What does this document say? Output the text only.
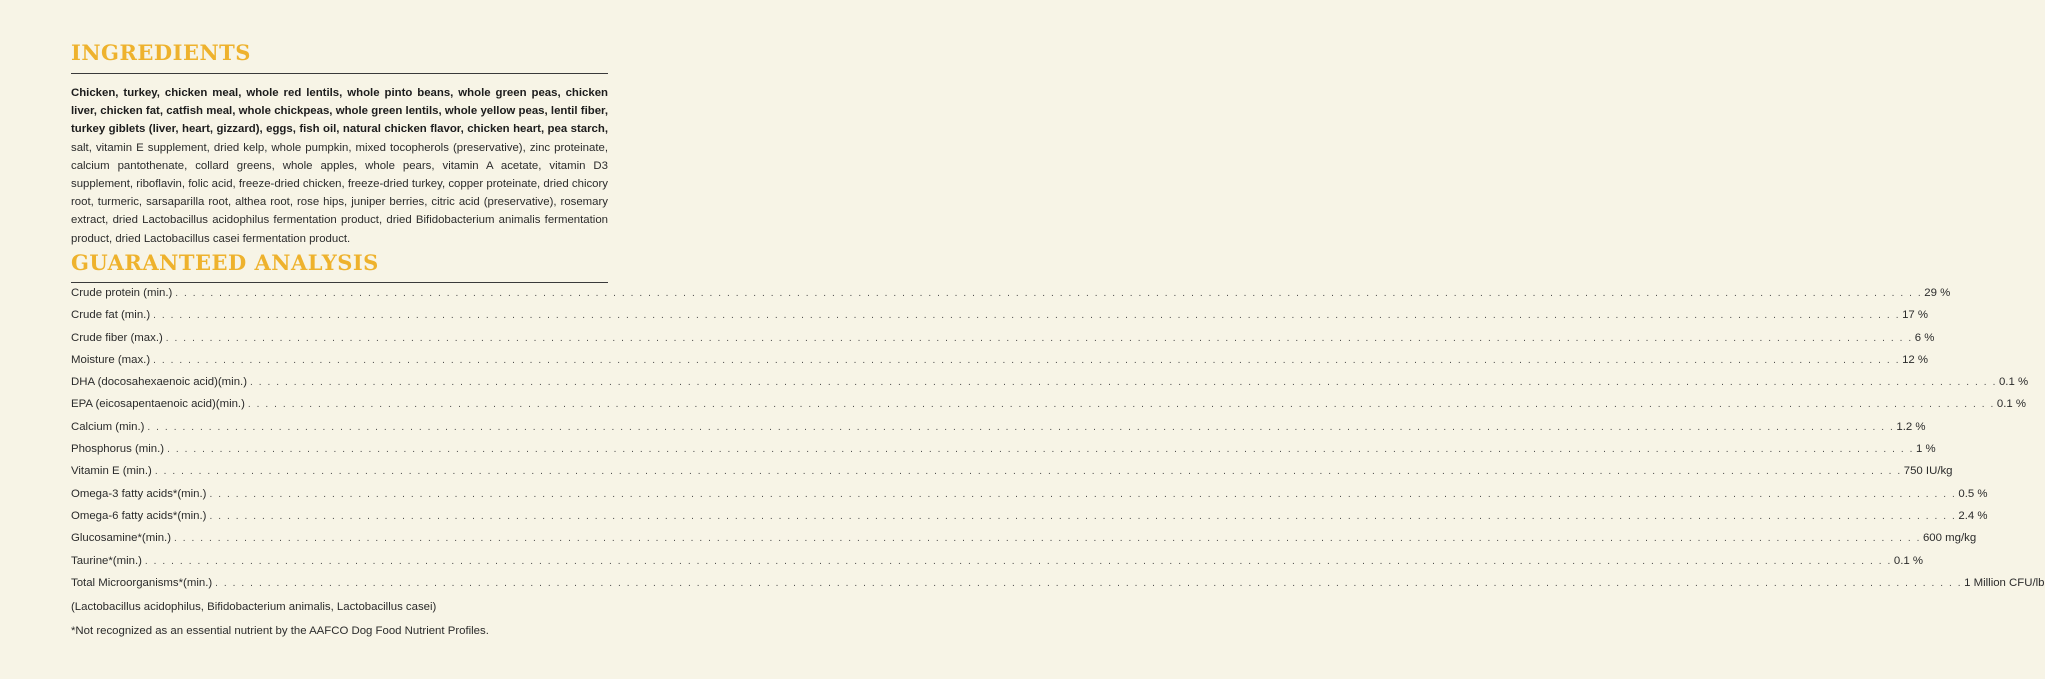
INGREDIENTS
Chicken, turkey, chicken meal, whole red lentils, whole pinto beans, whole green peas, chicken liver, chicken fat, catfish meal, whole chickpeas, whole green lentils, whole yellow peas, lentil fiber, turkey giblets (liver, heart, gizzard), eggs, fish oil, natural chicken flavor, chicken heart, pea starch, salt, vitamin E supplement, dried kelp, whole pumpkin, mixed tocopherols (preservative), zinc proteinate, calcium pantothenate, collard greens, whole apples, whole pears, vitamin A acetate, vitamin D3 supplement, riboflavin, folic acid, freeze-dried chicken, freeze-dried turkey, copper proteinate, dried chicory root, turmeric, sarsaparilla root, althea root, rose hips, juniper berries, citric acid (preservative), rosemary extract, dried Lactobacillus acidophilus fermentation product, dried Bifidobacterium animalis fermentation product, dried Lactobacillus casei fermentation product.
GUARANTEED ANALYSIS
Crude protein (min.) . . . . . . . . . . . . . . . . . . . . . . . . . . . . . . . . . . . . . . . . . . . . . . . . . . . . . . . . . . . . . . . . . . . . . . . . . . . . . . . . . . . . . . . . . . . . . . . . . . . . . . . . . . . . . . . . . . . . . . . . . . . . . . . . . . . . . . . . . . . . . . . . . . . . . . . . . . . . . . . . . . . . . . . . . . . . . . . . . . . . . . . . . . . . . . . . . . . . . . . . 29 %
Crude fat (min.) . . . . . . . . . . . . . . . . . . . . . . . . . . . . . . . . . . . . . . . . . . . . . . . . . . . . . . . . . . . . . . . . . . . . . . . . . . . . . . . . . . . . . . . . . . . . . . . . . . . . . . . . . . . . . . . . . . . . . . . . . . . . . . . . . . . . . . . . . . . . . . . . . . . . . . . . . . . . . . . . . . . . . . . . . . . . . . . . . . . . . . . . . . . . . . . . . . . . . . . . 17 %
Crude fiber (max.) . . . . . . . . . . . . . . . . . . . . . . . . . . . . . . . . . . . . . . . . . . . . . . . . . . . . . . . . . . . . . . . . . . . . . . . . . . . . . . . . . . . . . . . . . . . . . . . . . . . . . . . . . . . . . . . . . . . . . . . . . . . . . . . . . . . . . . . . . . . . . . . . . . . . . . . . . . . . . . . . . . . . . . . . . . . . . . . . . . . . . . . . . . . . . . . . . . . . . . . . 6 %
Moisture (max.) . . . . . . . . . . . . . . . . . . . . . . . . . . . . . . . . . . . . . . . . . . . . . . . . . . . . . . . . . . . . . . . . . . . . . . . . . . . . . . . . . . . . . . . . . . . . . . . . . . . . . . . . . . . . . . . . . . . . . . . . . . . . . . . . . . . . . . . . . . . . . . . . . . . . . . . . . . . . . . . . . . . . . . . . . . . . . . . . . . . . . . . . . . . . . . . . . . . . . . . . 12 %
DHA (docosahexaenoic acid)(min.) . . . . . . . . . . . . . . . . . . . . . . . . . . . . . . . . . . . . . . . . . . . . . . . . . . . . . . . . . . . . . . . . . . . . . . . . . . . . . . . . . . . . . . . . . . . . . . . . . . . . . . . . . . . . . . . . . . . . . . . . . . . . . . . . . . . . . . . . . . . . . . . . . . . . . . . . . . . . . . . . . . . . . . . . . . . . . . . . . . . . . . . . . . . . . . . . . . . . . . . . 0.1 %
EPA (eicosapentaenoic acid)(min.) . . . . . . . . . . . . . . . . . . . . . . . . . . . . . . . . . . . . . . . . . . . . . . . . . . . . . . . . . . . . . . . . . . . . . . . . . . . . . . . . . . . . . . . . . . . . . . . . . . . . . . . . . . . . . . . . . . . . . . . . . . . . . . . . . . . . . . . . . . . . . . . . . . . . . . . . . . . . . . . . . . . . . . . . . . . . . . . . . . . . . . . . . . . . . . . . . . . . . . . . 0.1 %
Calcium (min.) . . . . . . . . . . . . . . . . . . . . . . . . . . . . . . . . . . . . . . . . . . . . . . . . . . . . . . . . . . . . . . . . . . . . . . . . . . . . . . . . . . . . . . . . . . . . . . . . . . . . . . . . . . . . . . . . . . . . . . . . . . . . . . . . . . . . . . . . . . . . . . . . . . . . . . . . . . . . . . . . . . . . . . . . . . . . . . . . . . . . . . . . . . . . . . . . . . . . . . . . 1.2 %
Phosphorus (min.) . . . . . . . . . . . . . . . . . . . . . . . . . . . . . . . . . . . . . . . . . . . . . . . . . . . . . . . . . . . . . . . . . . . . . . . . . . . . . . . . . . . . . . . . . . . . . . . . . . . . . . . . . . . . . . . . . . . . . . . . . . . . . . . . . . . . . . . . . . . . . . . . . . . . . . . . . . . . . . . . . . . . . . . . . . . . . . . . . . . . . . . . . . . . . . . . . . . . . . . . 1 %
Vitamin E (min.) . . . . . . . . . . . . . . . . . . . . . . . . . . . . . . . . . . . . . . . . . . . . . . . . . . . . . . . . . . . . . . . . . . . . . . . . . . . . . . . . . . . . . . . . . . . . . . . . . . . . . . . . . . . . . . . . . . . . . . . . . . . . . . . . . . . . . . . . . . . . . . . . . . . . . . . . . . . . . . . . . . . . . . . . . . . . . . . . . . . . . . . . . . . . . . . . . . . . . . . . 750 IU/kg
Omega-3 fatty acids*(min.) . . . . . . . . . . . . . . . . . . . . . . . . . . . . . . . . . . . . . . . . . . . . . . . . . . . . . . . . . . . . . . . . . . . . . . . . . . . . . . . . . . . . . . . . . . . . . . . . . . . . . . . . . . . . . . . . . . . . . . . . . . . . . . . . . . . . . . . . . . . . . . . . . . . . . . . . . . . . . . . . . . . . . . . . . . . . . . . . . . . . . . . . . . . . . . . . . . . . . . . . 0.5 %
Omega-6 fatty acids*(min.) . . . . . . . . . . . . . . . . . . . . . . . . . . . . . . . . . . . . . . . . . . . . . . . . . . . . . . . . . . . . . . . . . . . . . . . . . . . . . . . . . . . . . . . . . . . . . . . . . . . . . . . . . . . . . . . . . . . . . . . . . . . . . . . . . . . . . . . . . . . . . . . . . . . . . . . . . . . . . . . . . . . . . . . . . . . . . . . . . . . . . . . . . . . . . . . . . . . . . . . . 2.4 %
Glucosamine*(min.) . . . . . . . . . . . . . . . . . . . . . . . . . . . . . . . . . . . . . . . . . . . . . . . . . . . . . . . . . . . . . . . . . . . . . . . . . . . . . . . . . . . . . . . . . . . . . . . . . . . . . . . . . . . . . . . . . . . . . . . . . . . . . . . . . . . . . . . . . . . . . . . . . . . . . . . . . . . . . . . . . . . . . . . . . . . . . . . . . . . . . . . . . . . . . . . . . . . . . . . . 600 mg/kg
Taurine*(min.) . . . . . . . . . . . . . . . . . . . . . . . . . . . . . . . . . . . . . . . . . . . . . . . . . . . . . . . . . . . . . . . . . . . . . . . . . . . . . . . . . . . . . . . . . . . . . . . . . . . . . . . . . . . . . . . . . . . . . . . . . . . . . . . . . . . . . . . . . . . . . . . . . . . . . . . . . . . . . . . . . . . . . . . . . . . . . . . . . . . . . . . . . . . . . . . . . . . . . . . . 0.1 %
Total Microorganisms*(min.) . . . . . . . . . . . . . . . . . . . . . . . . . . . . . . . . . . . . . . . . . . . . . . . . . . . . . . . . . . . . . . . . . . . . . . . . . . . . . . . . . . . . . . . . . . . . . . . . . . . . . . . . . . . . . . . . . . . . . . . . . . . . . . . . . . . . . . . . . . . . . . . . . . . . . . . . . . . . . . . . . . . . . . . . . . . . . . . . . . . . . . . . . . . . . . . . . . . . . . . . 1 Million CFU/lb
(Lactobacillus acidophilus, Bifidobacterium animalis, Lactobacillus casei)
*Not recognized as an essential nutrient by the AAFCO Dog Food Nutrient Profiles.
